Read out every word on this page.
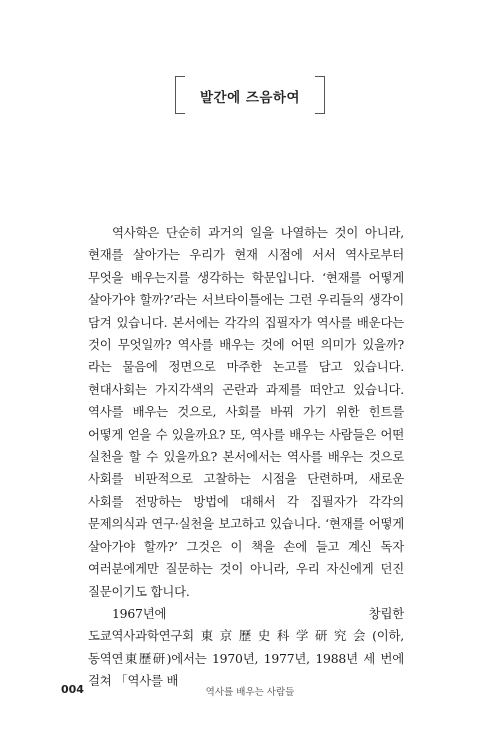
발간에 즈음하여

역사학은 단순히 과거의 일을 나열하는 것이 아니라, 현재를 살아가는 우리가 현재 시점에 서서 역사로부터 무엇을 배우는지를 생각하는 학문입니다. ‘현재를 어떻게 살아가야 할까?’라는 서브타이틀에는 그런 우리들의 생각이 담겨 있습니다. 본서에는 각각의 집필자가 역사를 배운다는 것이 무엇일까? 역사를 배우는 것에 어떤 의미가 있을까?라는 물음에 정면으로 마주한 논고를 담고 있습니다. 현대사회는 가지각색의 곤란과 과제를 떠안고 있습니다. 역사를 배우는 것으로, 사회를 바꿔 가기 위한 힌트를 어떻게 얻을 수 있을까요? 또, 역사를 배우는 사람들은 어떤 실천을 할 수 있을까요? 본서에서는 역사를 배우는 것으로 사회를 비판적으로 고찰하는 시점을 단련하며, 새로운 사회를 전망하는 방법에 대해서 각 집필자가 각각의 문제의식과 연구·실천을 보고하고 있습니다. ‘현재를 어떻게 살아가야 할까?’ 그것은 이 책을 손에 들고 계신 독자 여러분에게만 질문하는 것이 아니라, 우리 자신에게 던진 질문이기도 합니다.

1967년에 창립한 도쿄역사과학연구회東京歷史科学研究会(이하, 동역연東歷研)에서는 1970년, 1977년, 1988년 세 번에 걸쳐 「역사를 배

004	역사를 배우는 사람들
